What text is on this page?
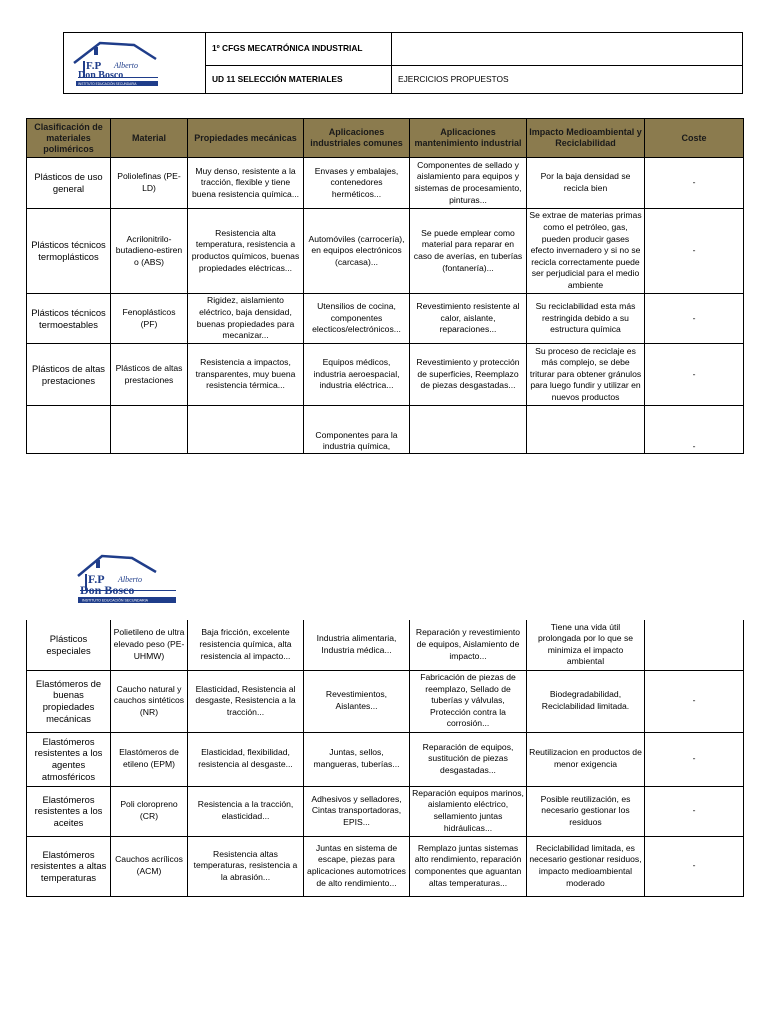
F.P Alberto
Don Bosco
INSTITUTO EDUCACIÓN SECUNDARIA	1º CFGS MECATRÓNICA INDUSTRIAL	
	UD 11 SELECCIÓN MATERIALES	EJERCICIOS PROPUESTOS
Clasificación de materiales poliméricos	Material	Propiedades mecánicas	Aplicaciones industriales comunes	Aplicaciones mantenimiento industrial	Impacto Medioambiental y Reciclabilidad	Coste
Plásticos de uso general	Poliolefinas (PE-LD)	Muy denso, resistente a la tracción, flexible y tiene buena resistencia química...	Envases y embalajes, contenedores herméticos...	Componentes de sellado y aislamiento para equipos y sistemas de procesamiento, pinturas...	Por la baja densidad se recicla bien	-
Plásticos técnicos termoplásticos	Acrilonitrilo-butadieno-estiren o (ABS)	Resistencia alta temperatura, resistencia a productos químicos, buenas propiedades eléctricas...	Automóviles (carrocería), en equipos electrónicos (carcasa)...	Se puede emplear como material para reparar en caso de averías, en tuberías (fontanería)...	Se extrae de materias primas como el petróleo, gas, pueden producir gases efecto invernadero y si no se recicla correctamente puede ser perjudicial para el medio ambiente	-
Plásticos técnicos termoestables	Fenoplásticos (PF)	Rigidez, aislamiento eléctrico, baja densidad, buenas propiedades para mecanizar...	Utensilios de cocina, componentes electicos/electrónicos...	Revestimiento resistente al calor, aislante, reparaciones...	Su reciclabilidad esta más restringida debido a su estructura química	-
Plásticos de altas prestaciones	Plásticos de altas prestaciones	Resistencia a impactos, transparentes, muy buena resistencia térmica...	Equipos médicos, industria aeroespacial, industria eléctrica...	Revestimiento y protección de superficies, Reemplazo de piezas desgastadas...	Su proceso de reciclaje es más complejo, se debe triturar para obtener gránulos para luego fundir y utilizar en nuevos productos	-
			Componentes para la industria química,			-
F.P Alberto
Don Bosco
INSTITUTO EDUCACIÓN SECUNDARIA
Plásticos especiales	Polietileno de ultra elevado peso (PE-UHMW)	Baja fricción, excelente resistencia química, alta resistencia al impacto...	Industria alimentaria, Industria médica...	Reparación y revestimiento de equipos, Aislamiento de impacto...	Tiene una vida útil prolongada por lo que se minimiza el impacto ambiental	
Elastómeros de buenas propiedades mecánicas	Caucho natural y cauchos sintéticos (NR)	Elasticidad, Resistencia al desgaste, Resistencia a la tracción...	Revestimientos, Aislantes...	Fabricación de piezas de reemplazo, Sellado de tuberías y válvulas, Protección contra la corrosión...	Biodegradabilidad, Reciclabilidad limitada.	-
Elastómeros resistentes a los agentes atmosféricos	Elastómeros de etileno (EPM)	Elasticidad, flexibilidad, resistencia al desgaste...	Juntas, sellos, mangueras, tuberías...	Reparación de equipos, sustitución de piezas desgastadas...	Reutilizacion en productos de menor exigencia	-
Elastómeros resistentes a los aceites	Poli cloropreno (CR)	Resistencia a la tracción, elasticidad...	Adhesivos y selladores, Cintas transportadoras, EPIS...	Reparación equipos marinos, aislamiento eléctrico, sellamiento juntas hidráulicas...	Posible reutilización, es necesario gestionar los residuos	-
Elastómeros resistentes a altas temperaturas	Cauchos acrílicos (ACM)	Resistencia altas temperaturas, resistencia a la abrasión...	Juntas en sistema de escape, piezas para aplicaciones automotrices de alto rendimiento...	Remplazo juntas sistemas alto rendimiento, reparación componentes que aguantan altas temperaturas...	Reciclabilidad limitada, es necesario gestionar residuos, impacto medioambiental moderado	-
